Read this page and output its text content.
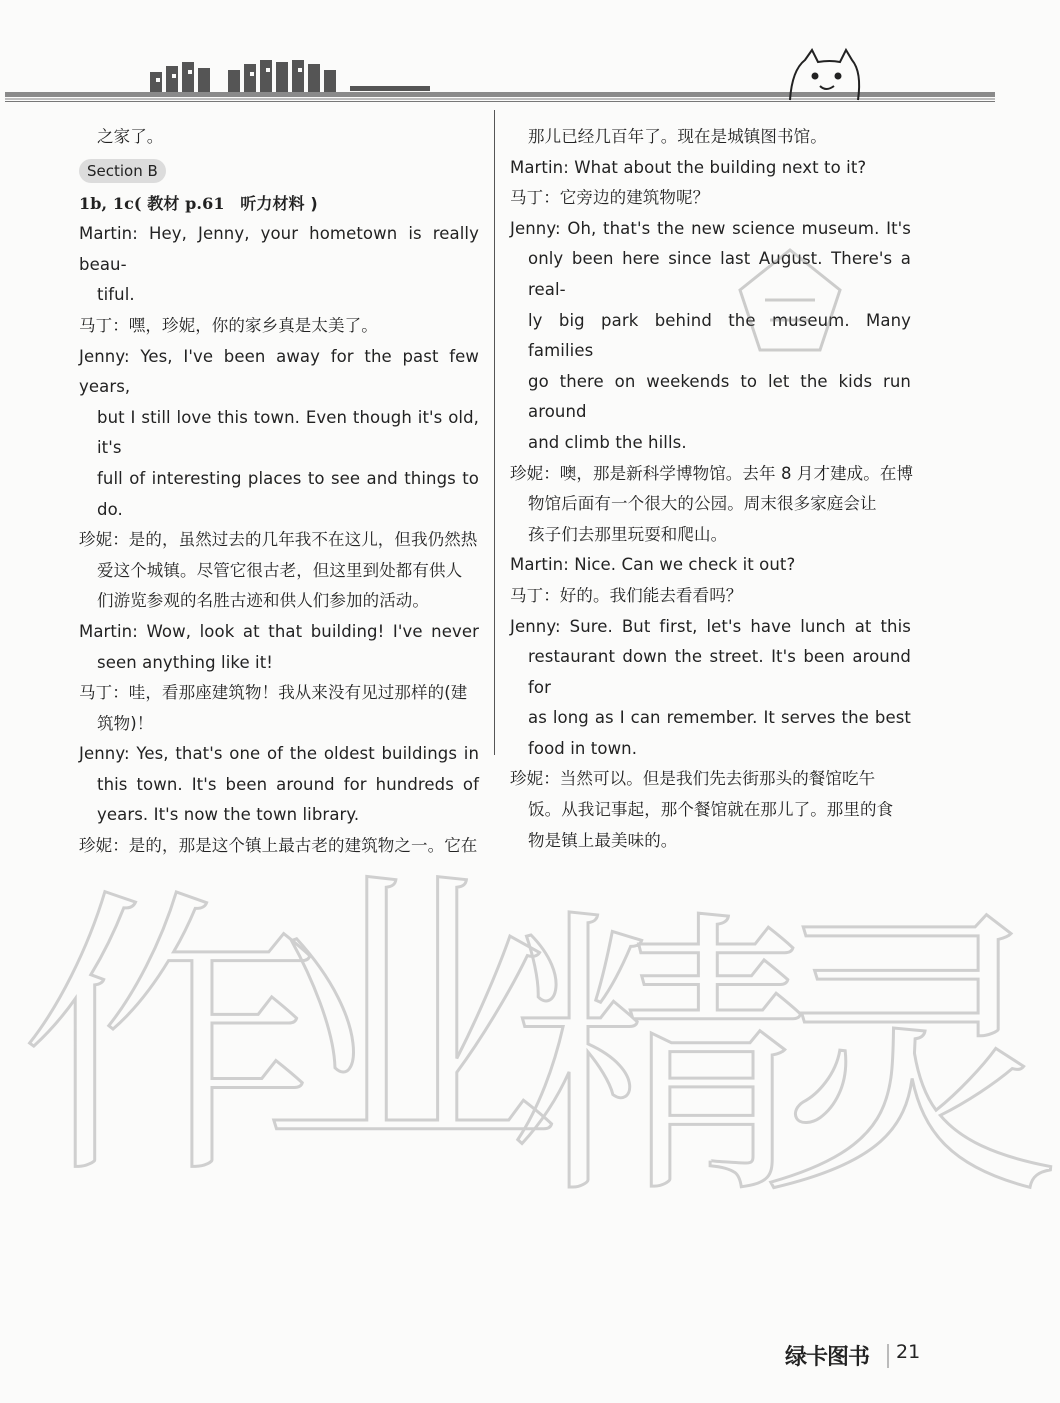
之家了。
Section B
1b, 1c( 教材 p.61 听力材料 )
Martin: Hey, Jenny, your hometown is really beau-
tiful.
马丁：嘿，珍妮，你的家乡真是太美了。
Jenny: Yes, I've been away for the past few years,
but I still love this town. Even though it's old, it's
full of interesting places to see and things to do.
珍妮：是的，虽然过去的几年我不在这儿，但我仍然热
爱这个城镇。尽管它很古老，但这里到处都有供人
们游览参观的名胜古迹和供人们参加的活动。
Martin: Wow, look at that building! I've never
seen anything like it!
马丁：哇，看那座建筑物！我从来没有见过那样的(建
筑物)！
Jenny: Yes, that's one of the oldest buildings in
this town. It's been around for hundreds of
years. It's now the town library.
珍妮：是的，那是这个镇上最古老的建筑物之一。它在
那儿已经几百年了。现在是城镇图书馆。
Martin: What about the building next to it?
马丁：它旁边的建筑物呢？
Jenny: Oh, that's the new science museum. It's
only been here since last August. There's a real-
ly big park behind the museum. Many families
go there on weekends to let the kids run around
and climb the hills.
珍妮：噢，那是新科学博物馆。去年 8 月才建成。在博
物馆后面有一个很大的公园。周末很多家庭会让
孩子们去那里玩耍和爬山。
Martin: Nice. Can we check it out?
马丁：好的。我们能去看看吗？
Jenny: Sure. But first, let's have lunch at this
restaurant down the street. It's been around for
as long as I can remember. It serves the best
food in town.
珍妮：当然可以。但是我们先去街那头的餐馆吃午
饭。从我记事起，那个餐馆就在那儿了。那里的食
物是镇上最美味的。
作
业
精
灵
绿卡图书 21
